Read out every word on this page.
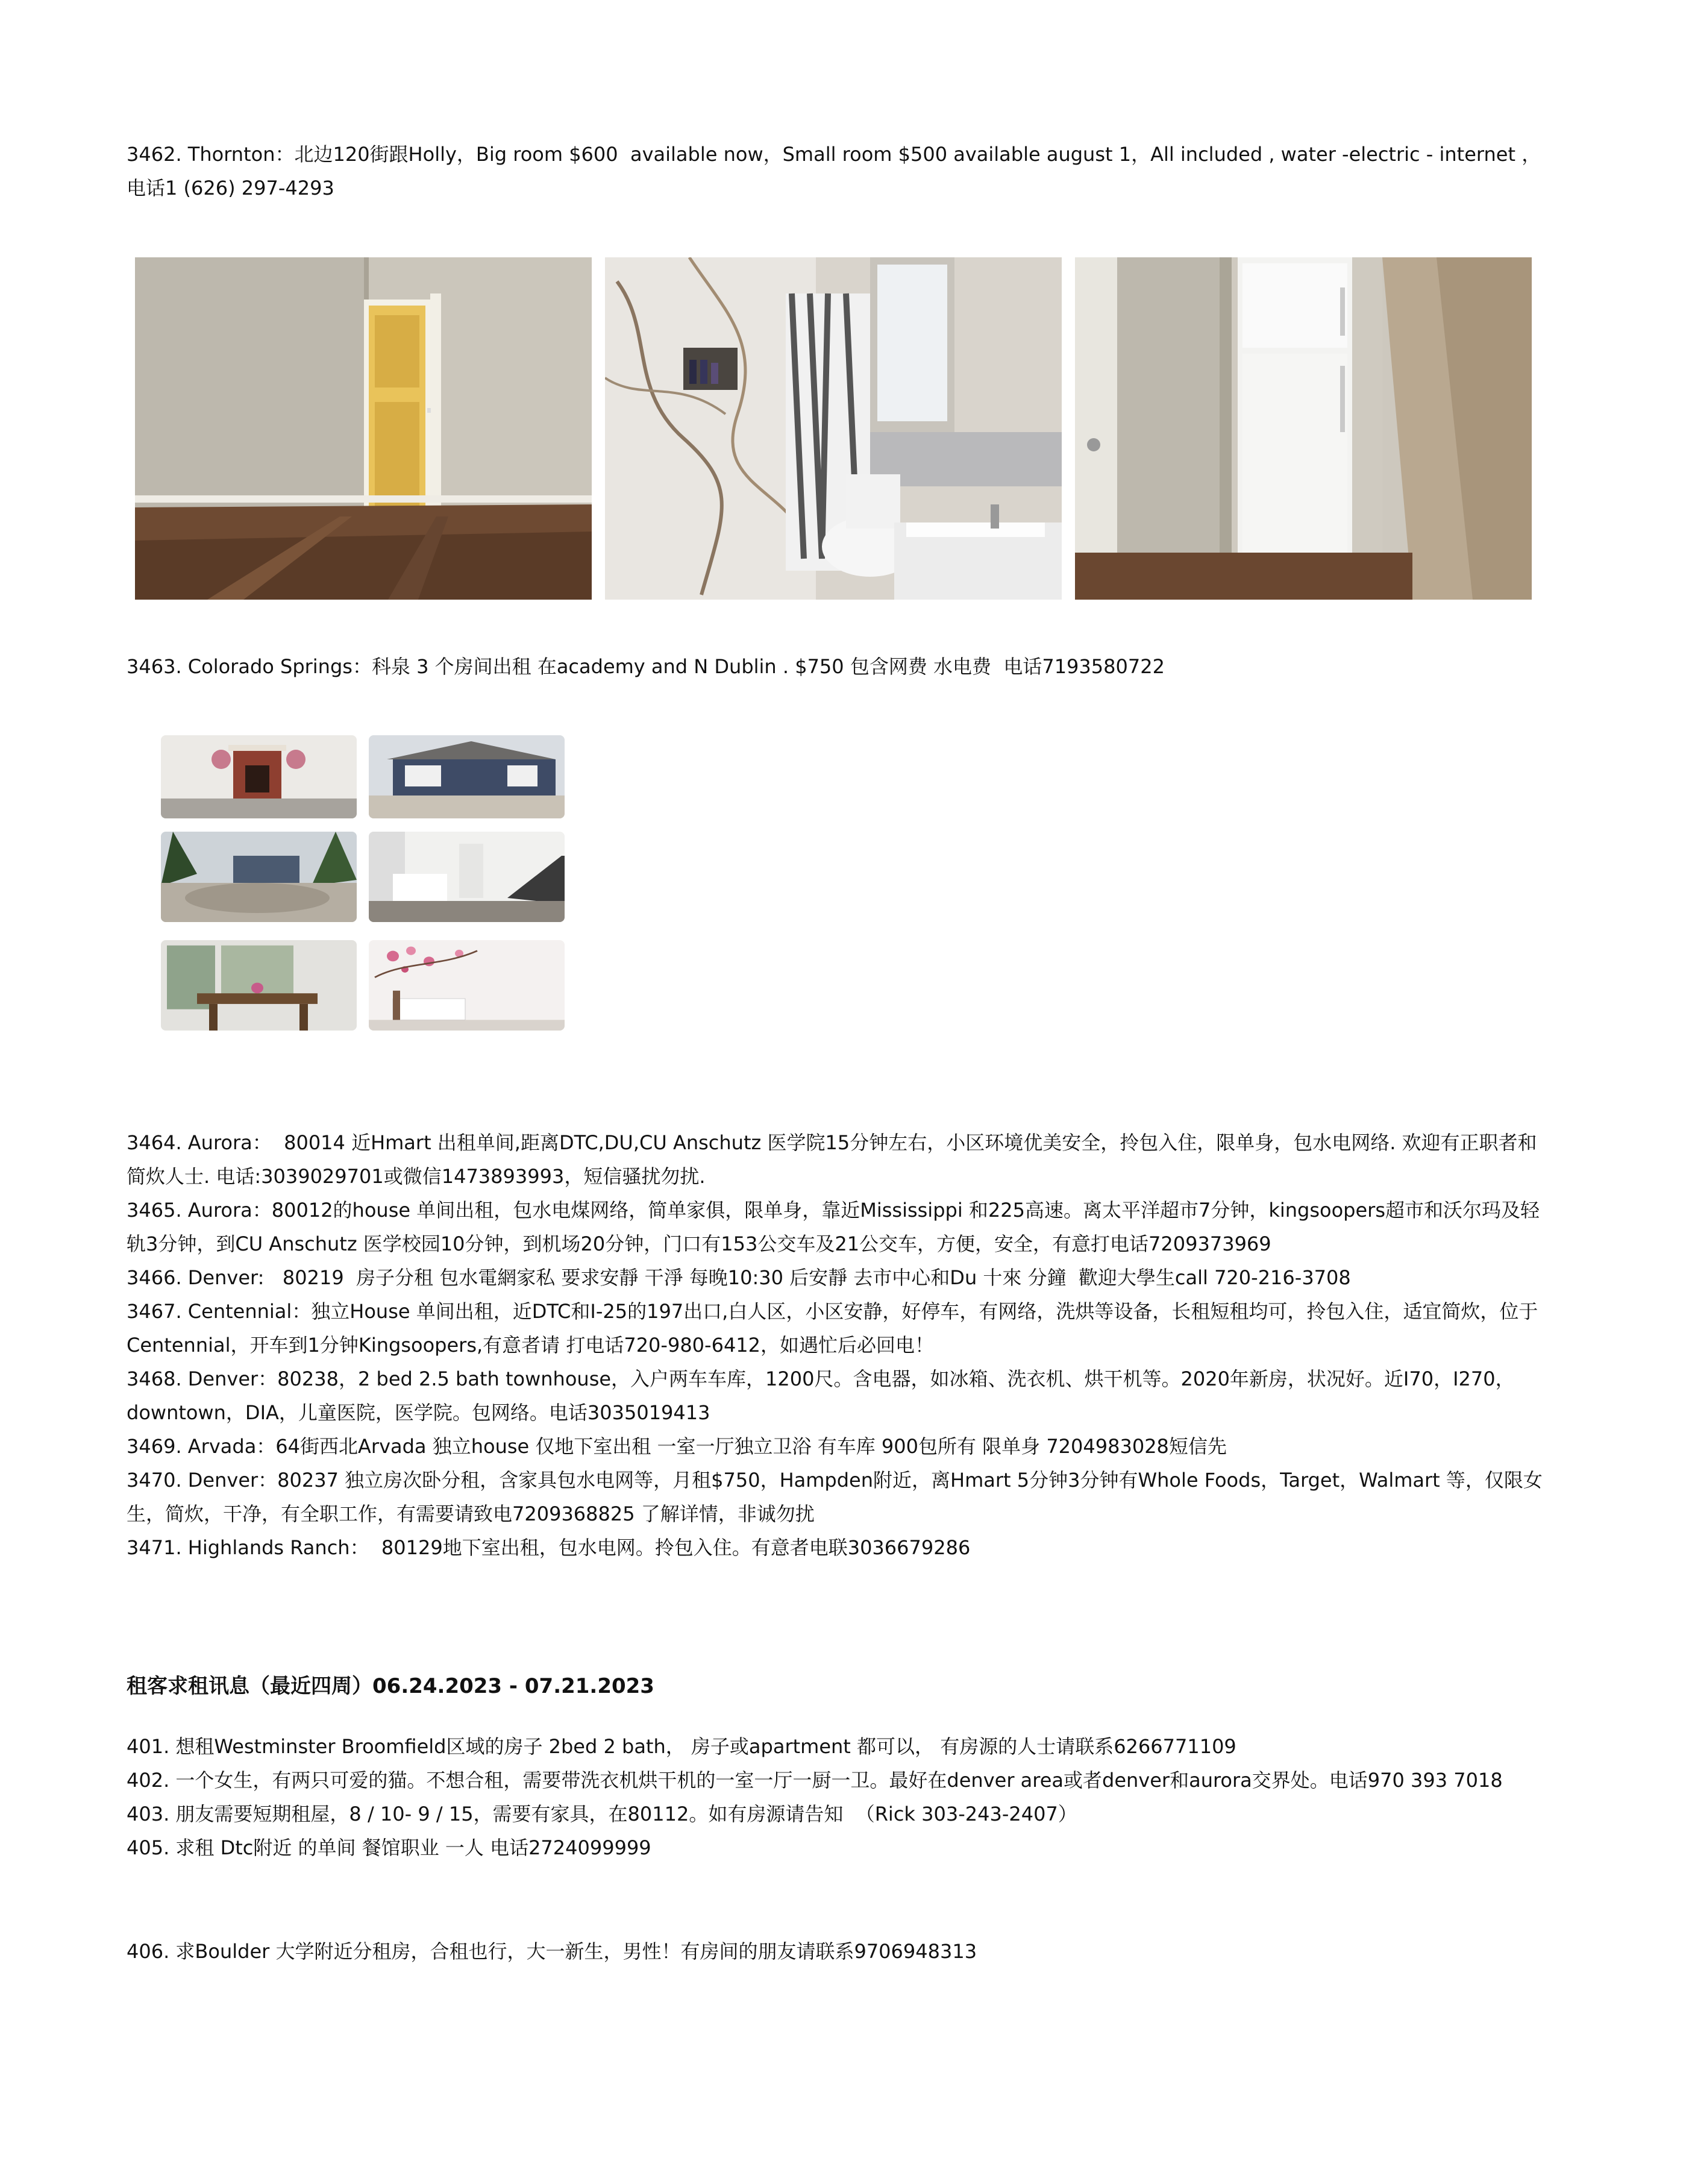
3462. Thornton：北边120街跟Holly，Big room $600  available now，Small room $500 available august 1，All included , water -electric - internet ，电话1 (626) 297-4293

3463. Colorado Springs：科泉 3 个房间出租 在academy and N Dublin . $750 包含网费 水电费  电话7193580722

3464. Aurora：  80014 近Hmart 出租单间,距离DTC,DU,CU Anschutz 医学院15分钟左右，小区环境优美安全，拎包入住，限单身，包水电网络. 欢迎有正职者和简炊人士. 电话:3039029701或微信1473893993，短信骚扰勿扰.

3465. Aurora：80012的house 单间出租，包水电煤网络，简单家俱，限单身，靠近Mississippi 和225高速。离太平洋超市7分钟，kingsoopers超市和沃尔玛及轻轨3分钟，到CU Anschutz 医学校园10分钟，到机场20分钟，门口有153公交车及21公交车，方便，安全，有意打电话7209373969

3466. Denver:   80219  房子分租 包水電網家私 要求安靜 干淨 每晚10:30 后安靜 去市中心和Du 十來 分鐘  歡迎大學生call 720-216-3708

3467. Centennial：独立House 单间出租，近DTC和I-25的197出口,白人区，小区安静，好停车，有网络，洗烘等设备，长租短租均可，拎包入住，适宜简炊，位于Centennial，开车到1分钟Kingsoopers,有意者请 打电话720-980-6412，如遇忙后必回电！

3468. Denver：80238，2 bed 2.5 bath townhouse，入户两车车库，1200尺。含电器，如冰箱、洗衣机、烘干机等。2020年新房，状况好。近I70，I270，downtown，DIA，儿童医院，医学院。包网络。电话3035019413

3469. Arvada：64街西北Arvada 独立house 仅地下室出租 一室一厅独立卫浴 有车库 900包所有 限单身 7204983028短信先

3470. Denver：80237 独立房次卧分租，含家具包水电网等，月租$750，Hampden附近，离Hmart 5分钟3分钟有Whole Foods，Target，Walmart 等，仅限女生，简炊，干净，有全职工作，有需要请致电7209368825 了解详情，非诚勿扰

3471. Highlands Ranch：  80129地下室出租，包水电网。拎包入住。有意者电联3036679286

租客求租讯息（最近四周）06.24.2023 - 07.21.2023

401. 想租Westminster Broomfield区域的房子 2bed 2 bath， 房子或apartment 都可以， 有房源的人士请联系6266771109

402. 一个女生，有两只可爱的猫。不想合租，需要带洗衣机烘干机的一室一厅一厨一卫。最好在denver area或者denver和aurora交界处。电话970 393 7018

403. 朋友需要短期租屋，8 / 10- 9 / 15，需要有家具，在80112。如有房源请告知  （Rick 303-243-2407）

405. 求租 Dtc附近 的单间 餐馆职业 一人 电话2724099999

406. 求Boulder 大学附近分租房，合租也行，大一新生，男性！有房间的朋友请联系9706948313
